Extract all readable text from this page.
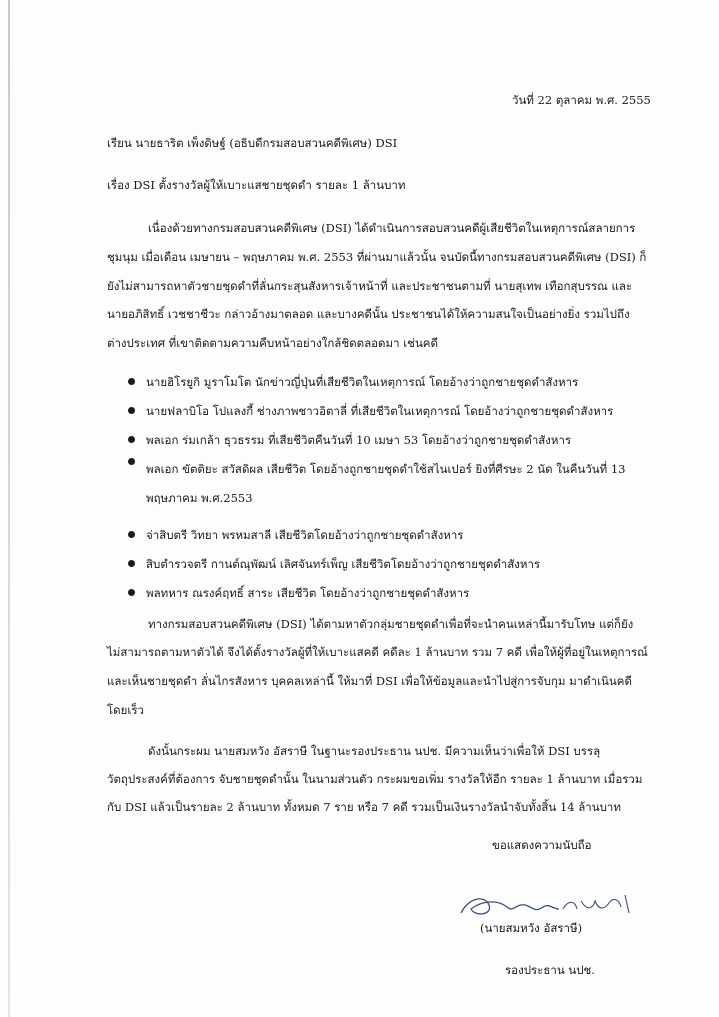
วันที่ 22 ตุลาคม พ.ศ. 2555
เรียน นายธาริต เพ็งดิษฐ์ (อธิบดีกรมสอบสวนคดีพิเศษ) DSI
เรื่อง DSI ตั้งรางวัลผู้ให้เบาะแสชายชุดดำ รายละ 1 ล้านบาท
เนื่องด้วยทางกรมสอบสวนคดีพิเศษ (DSI) ได้ดำเนินการสอบสวนคดีผู้เสียชีวิตในเหตุการณ์สลายการ
ชุมนุม เมื่อเดือน เมษายน – พฤษภาคม พ.ศ. 2553 ที่ผ่านมาแล้วนั้น จนบัดนี้ทางกรมสอบสวนคดีพิเศษ (DSI) ก็
ยังไม่สามารถหาตัวชายชุดดำที่ลั่นกระสุนสังหารเจ้าหน้าที่ และประชาชนตามที่ นายสุเทพ เทือกสุบรรณ และ
นายอภิสิทธิ์ เวชชาชีวะ กล่าวอ้างมาตลอด และบางคดีนั้น ประชาชนได้ให้ความสนใจเป็นอย่างยิ่ง รวมไปถึง
ต่างประเทศ ที่เขาติดตามความคืบหน้าอย่างใกล้ชิดตลอดมา เช่นคดี
นายฮิโรยูกิ มูราโมโต นักข่าวญี่ปุ่นที่เสียชีวิตในเหตุการณ์ โดยอ้างว่าถูกชายชุดดำสังหาร
นายฟลาบิโอ โปแลงกี้ ช่างภาพชาวอิตาลี่ ที่เสียชีวิตในเหตุการณ์ โดยอ้างว่าถูกชายชุดดำสังหาร
พลเอก ร่มเกล้า ธุวธรรม ที่เสียชีวิตคืนวันที่ 10 เมษา 53 โดยอ้างว่าถูกชายชุดดำสังหาร
พลเอก ขัตติยะ สวัสดิผล เสียชีวิต โดยอ้างถูกชายชุดดำใช้สไนเปอร์ ยิงที่ศีรษะ 2 นัด ในคืนวันที่ 13 พฤษภาคม พ.ศ.2553
จ่าสิบตรี วิทยา พรหมสาลี เสียชีวิตโดยอ้างว่าถูกชายชุดดำสังหาร
สิบตำรวจตรี กานต์ณุพัฒน์ เลิศจันทร์เพ็ญ เสียชีวิตโดยอ้างว่าถูกชายชุดดำสังหาร
พลทหาร ณรงค์ฤทธิ์ สาระ เสียชีวิต โดยอ้างว่าถูกชายชุดดำสังหาร
ทางกรมสอบสวนคดีพิเศษ (DSI) ได้ตามหาตัวกลุ่มชายชุดดำเพื่อที่จะนำคนเหล่านี้มารับโทษ แต่ก็ยัง
ไม่สามารถตามหาตัวได้ จึงได้ตั้งรางวัลผู้ที่ให้เบาะแสคดี คดีละ 1 ล้านบาท รวม 7 คดี เพื่อให้ผู้ที่อยู่ในเหตุการณ์
และเห็นชายชุดดำ ลั่นไกรสังหาร บุคคลเหล่านี้ ให้มาที่ DSI เพื่อให้ข้อมูลและนำไปสู่การจับกุม มาดำเนินคดี
โดยเร็ว
ดังนั้นกระผม นายสมหวัง อัสราษี ในฐานะรองประธาน นปช. มีความเห็นว่าเพื่อให้ DSI บรรลุ
วัตถุประสงค์ที่ต้องการ จับชายชุดดำนั้น ในนามส่วนตัว กระผมขอเพิ่ม รางวัลให้อีก รายละ 1 ล้านบาท เมื่อรวม
กับ DSI แล้วเป็นรายละ 2 ล้านบาท ทั้งหมด 7 ราย หรือ 7 คดี รวมเป็นเงินรางวัลนำจับทั้งสิ้น 14 ล้านบาท
ขอแสดงความนับถือ
(นายสมหวัง อัสราษี)
รองประธาน นปช.
